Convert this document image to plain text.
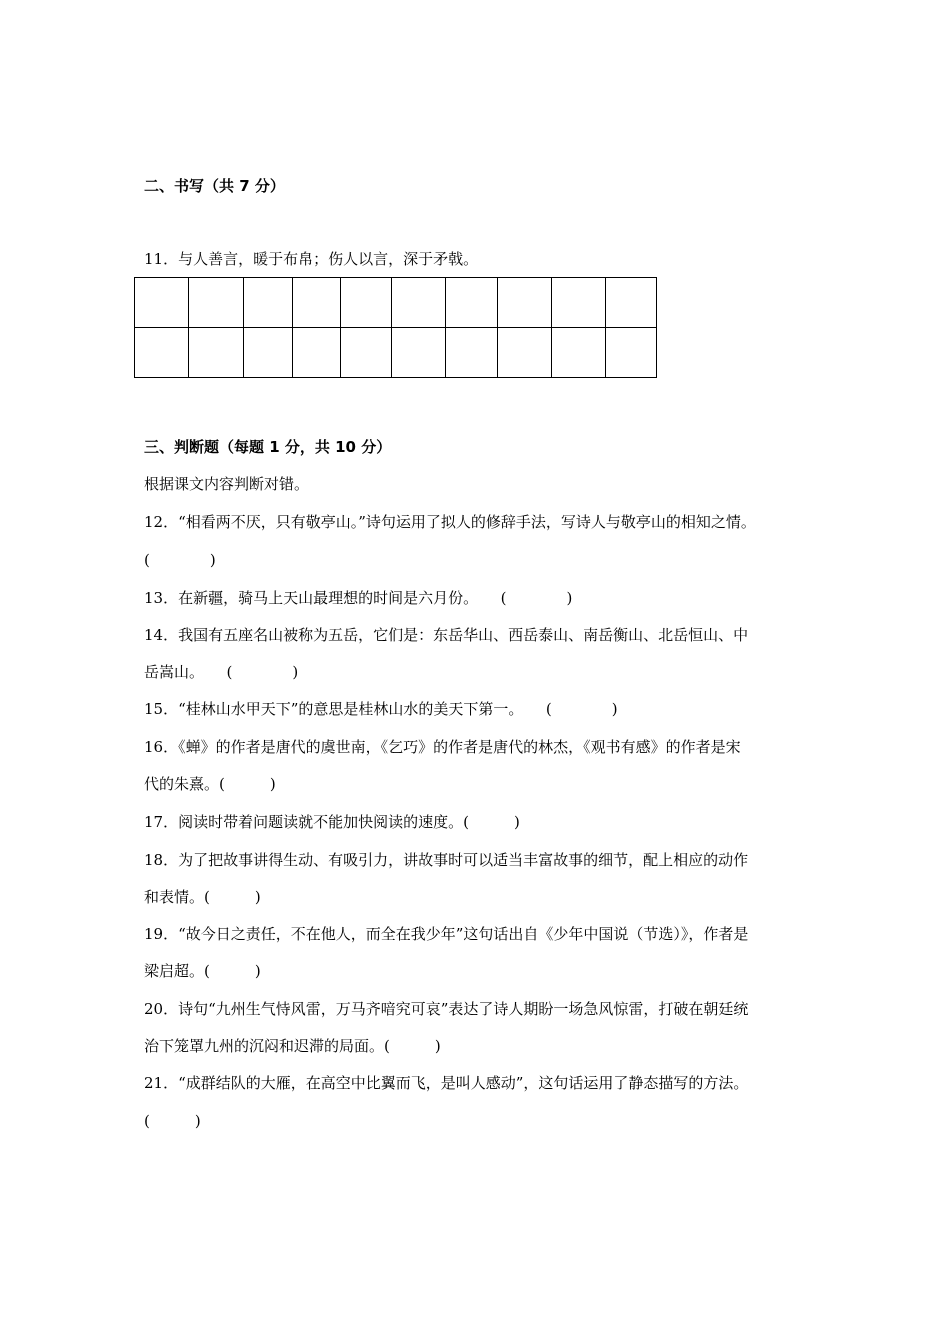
二、书写（共 7 分）
11．与人善言，暖于布帛；伤人以言，深于矛戟。

三、判断题（每题 1 分，共 10 分）
根据课文内容判断对错。
12．“相看两不厌，只有敬亭山。”诗句运用了拟人的修辞手法，写诗人与敬亭山的相知之情。
(　　　　)
13．在新疆，骑马上天山最理想的时间是六月份。　　(　　　　)
14．我国有五座名山被称为五岳，它们是：东岳华山、西岳泰山、南岳衡山、北岳恒山、中
岳嵩山。　　(　　　　)
15．“桂林山水甲天下”的意思是桂林山水的美天下第一。　　(　　　　)
16．《蝉》的作者是唐代的虞世南，《乞巧》的作者是唐代的林杰，《观书有感》的作者是宋
代的朱熹。(　　　)
17．阅读时带着问题读就不能加快阅读的速度。(　　　)
18．为了把故事讲得生动、有吸引力，讲故事时可以适当丰富故事的细节，配上相应的动作
和表情。(　　　)
19．“故今日之责任，不在他人，而全在我少年”这句话出自《少年中国说（节选）》，作者是
梁启超。(　　　)
20．诗句“九州生气恃风雷，万马齐喑究可哀”表达了诗人期盼一场急风惊雷，打破在朝廷统
治下笼罩九州的沉闷和迟滞的局面。(　　　)
21．“成群结队的大雁，在高空中比翼而飞，是叫人感动”，这句话运用了静态描写的方法。
(　　　)
